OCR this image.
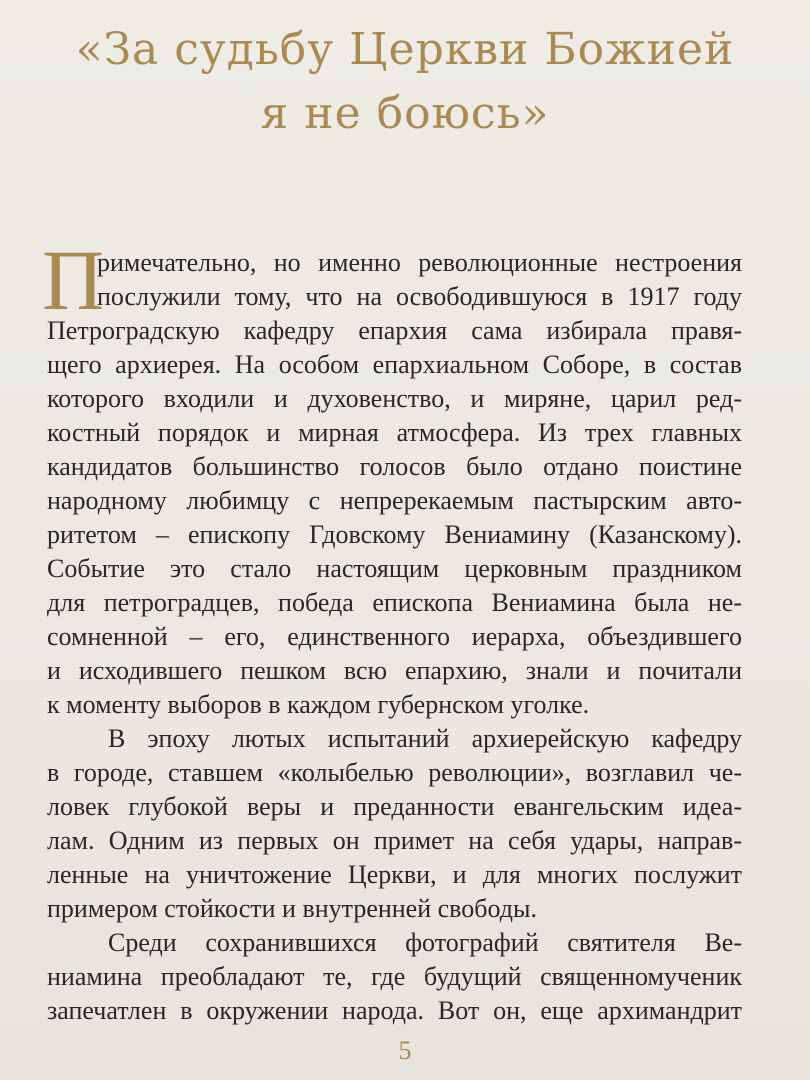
«За судьбу Церкви Божией
я не боюсь»
П
римечательно, но именно революционные нестроения
послужили тому, что на освободившуюся в 1917 году
Петроградскую кафедру епархия сама избирала правя-
щего архиерея. На особом епархиальном Соборе, в состав
которого входили и духовенство, и миряне, царил ред-
костный порядок и мирная атмосфера. Из трех главных
кандидатов большинство голосов было отдано поистине
народному любимцу с непререкаемым пастырским авто-
ритетом – епископу Гдовскому Вениамину (Казанскому).
Событие это стало настоящим церковным праздником
для петроградцев, победа епископа Вениамина была не-
сомненной – его, единственного иерарха, объездившего
и исходившего пешком всю епархию, знали и почитали
к моменту выборов в каждом губернском уголке.
В эпоху лютых испытаний архиерейскую кафедру
в городе, ставшем «колыбелью революции», возглавил че-
ловек глубокой веры и преданности евангельским идеа-
лам. Одним из первых он примет на себя удары, направ-
ленные на уничтожение Церкви, и для многих послужит
примером стойкости и внутренней свободы.
Среди сохранившихся фотографий святителя Ве-
ниамина преобладают те, где будущий священномученик
запечатлен в окружении народа. Вот он, еще архимандрит
5
